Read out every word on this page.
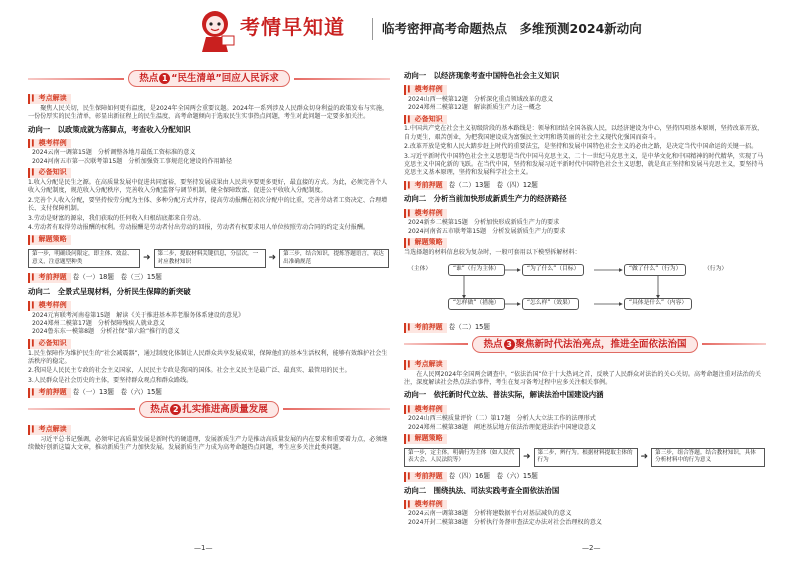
考情早知道	临考密押高考命题热点　多维预测2024新动向
热点 1 “民生清单”回应人民诉求
▍ 考点解读
聚焦人民关切，民生保障如何更有温度，是2024年全国两会重要议题。2024年一系列涉及人民群众切身利益的政策发布与实施，一份份厚实的民生清单，彰显出新征程上的民生温度，高考命题倾向于选取民生实事热点问题，考生对此问题一定要多加关注。
动向一　以政策成就为落脚点，考查收入分配知识
▍ 模考样例
2024云南一调第15题　分析调整各地月最低工资标准的意义
2024河南五市第一次联考第15题　分析加强资工事规范化建设的作用路径
▍ 必备知识
1.收入分配是民生之源。在高质量发展中促进共同富裕，要坚持发展成果由人民共享要更多更好，最直接的方式。为此，必须完善个人收入分配制度，规范收入分配秩序，完善收入分配监督与调节机制，健全保障致富、促进公平收收入分配制度。
2.完善个人收入分配，要坚持按劳分配为主体、多种分配方式并存，提高劳动报酬在初次分配中的比重，完善劳动者工资决定、合理增长、支付保障机制。
3.劳动是财富的源泉，我们获取的任何收入归根结底都来自劳动。
4.劳动者有取得劳动报酬的权利。劳动报酬是劳动者付出劳动的回报，劳动者有权要求用人单位按照劳动合同的约定支付报酬。
▍ 解题策略
第一步，明确设问限定，即主体、效益、意义，注意题型种类	➜	第二步，提取材料关键信息，分层次，一对应教材知识	➜	第三步，结合知识，提炼答题语言，表达出准确规范
▍ 考前押题 卷（一）18题　卷（三）15题
动向二　全景式呈现材料，分析民生保障的新突破
▍ 模考样例
2024元宵联考河南卷第15题　解读《关于推进基本养老服务体系建设的意见》
2024郑州二模第17题　分析保障残疾人就业意义
2024鲁东东一模第8题　分析社保“第六险”推行的意义
▍ 必备知识
1.民生保障作为维护民生的“社会减震器”，通过制度化体制让人民群众共享发展成果，保障他们的基本生活权利，能够有效维护社会生活秩序的稳定。
2.我国是人民民主专政的社会主义国家，人民民主专政是我国的国体。社会主义民主是最广泛、最真实、最管用的民主。
3.人民群众是社会历史的主体，要坚持群众观点和群众路线。
▍ 考前押题 卷（一）13题　卷（六）15题
热点 2 扎实推进高质量发展
▍ 考点解读
习近平总书记强调，必须牢记高质量发展是新时代的硬道理，发展新质生产力是推动高质量发展的内在要求和重要着力点，必须继续做好创新这篇大文章，推动新质生产力加快发展。发展新质生产力成为高考命题热点问题，考生应多关注此类问题。
动向一　以经济现象考查中国特色社会主义知识
▍ 模考样例
2024山西一模第12题　分析深化重点领域改革的意义
2024郑州二模第12题　解读新质生产力这一概念
▍ 必备知识
1.中国共产党在社会主义初级阶段的基本路线是：领导和团结全国各族人民，以经济建设为中心，坚持四项基本原则，坚持改革开放，自力更生，艰苦创业，为把我国建设成为富强民主文明和谐美丽的社会主义现代化强国而奋斗。
2.改革开放是党和人民大踏步赶上时代的重要法宝，是坚持和发展中国特色社会主义的必由之路，是决定当代中国命运的关键一招。
3.习近平新时代中国特色社会主义思想是当代中国马克思主义、二十一世纪马克思主义，是中华文化和中国精神的时代精华，实现了马克思主义中国化新的飞跃。在当代中国，坚持和发展习近平新时代中国特色社会主义思想，就是真正坚持和发展马克思主义，要坚持马克思主义基本原理，坚持和发展科学社会主义。
▍ 考前押题 卷（二）13题　卷（四）12题
动向二　分析当前加快形成新质生产力的经济路径
▍ 模考样例
2024新乡二模第15题　分析加快形成新质生产力的要求
2024河南省五市联考第15题　分析发展新质生产力的要求
▍ 解题策略
当选择题的材料信息较为复杂时，一般可套用以下模型拆解材料：
“谁”（行为主体）	“为了什么”（目标）	“做了什么”（行为）
“怎样做”（措施）	“怎么样”（效果）	“具体是什么”（内容）
（行为）
（主体）
▍ 考前押题 卷（二）15题
热点 3 聚焦新时代法治亮点，推进全面依法治国
▍ 考点解读
在人民网2024年全国两会调查中，“依法治国”位于十大热词之首，反映了人民群众对法治的关心关切。高考命题注重对法治的关注，深度解读社会热点法治事件，考生在复习备考过程中应多关注相关事例。
动向一　依托新时代立法、普法实际，解读法治中国建设内涵
▍ 模考样例
2024山西三模质量评价（二）第17题　分析人大立法工作的法理形式
2024郑州二模第38题　阐述基层地方依法治理促进法治中国建设意义
▍ 解题策略
第一步，定主体。明确行为主体（如人民代表大会、人民法院等）	➜	第二步，辨行为。根据材料提取主体的行为	➜	第三步，组合答题。结合教材知识，具体分析材料中的行为意义
▍ 考前押题 卷（四）16题　卷（六）15题
动向二　围绕执法、司法实践考查全面依法治国
▍ 模考样例
2024云南一调第38题　分析将建数据平台对基层减负的意义
2024开封二模第38题　分析执行务督审查法定办法对社会治理权的意义
—1—	—2—
